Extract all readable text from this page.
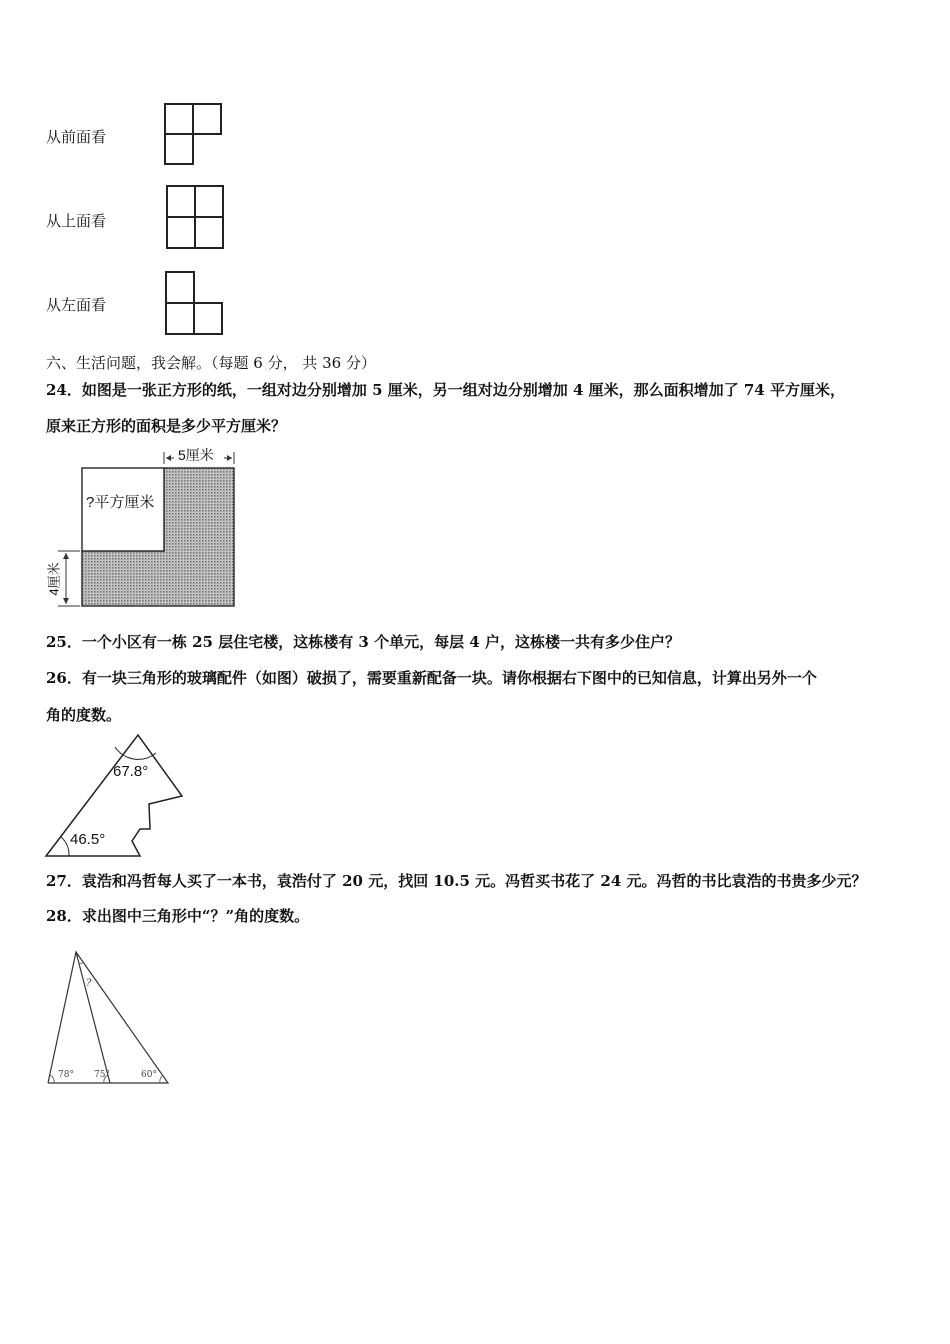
从前面看
从上面看
从左面看
六、生活问题，我会解。（每题 6 分， 共 36 分）
24．如图是一张正方形的纸，一组对边分别增加 5 厘米，另一组对边分别增加 4 厘米，那么面积增加了 74 平方厘米，
原来正方形的面积是多少平方厘米？
5厘米
?平方厘米
4厘米
25．一个小区有一栋 25 层住宅楼，这栋楼有 3 个单元，每层 4 户，这栋楼一共有多少住户？
26．有一块三角形的玻璃配件（如图）破损了，需要重新配备一块。请你根据右下图中的已知信息，计算出另外一个
角的度数。
67.8°
46.5°
27．袁浩和冯哲每人买了一本书，袁浩付了 20 元，找回 10.5 元。冯哲买书花了 24 元。冯哲的书比袁浩的书贵多少元？
28．求出图中三角形中“？”角的度数。
?
78° 75°	60°
